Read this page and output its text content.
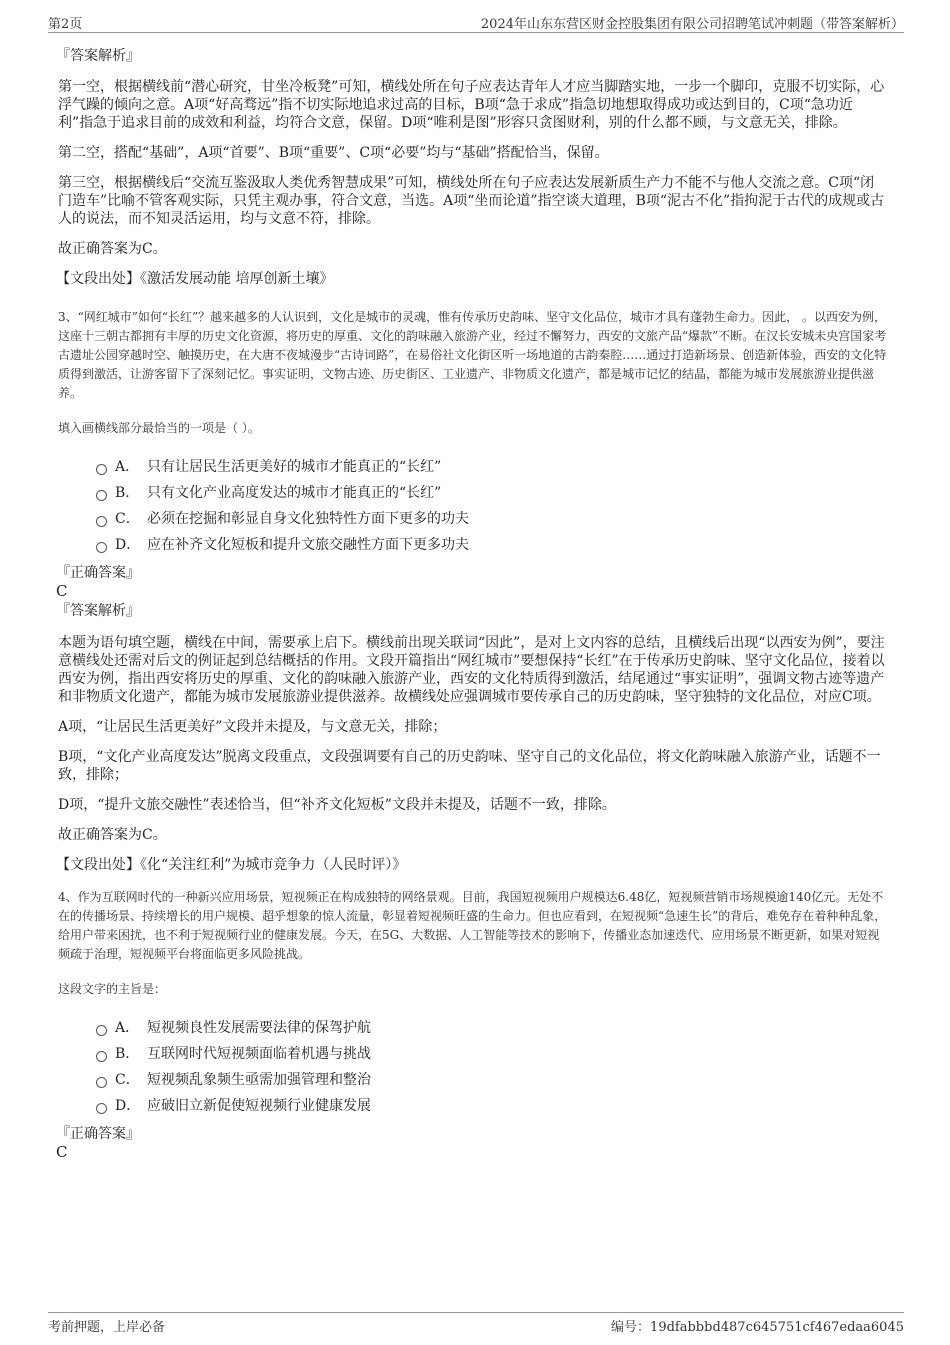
第2页	2024年山东东营区财金控股集团有限公司招聘笔试冲刺题（带答案解析）

『答案解析』

第一空，根据横线前“潜心研究，甘坐冷板凳”可知，横线处所在句子应表达青年人才应当脚踏实地，一步一个脚印，克服不切实际，心浮气躁的倾向之意。A项“好高骛远”指不切实际地追求过高的目标，B项“急于求成”指急切地想取得成功或达到目的，C项“急功近利”指急于追求目前的成效和利益，均符合文意，保留。D项“唯利是图”形容只贪图财利，别的什么都不顾，与文意无关，排除。

第二空，搭配“基础”，A项“首要”、B项“重要”、C项“必要”均与“基础”搭配恰当，保留。

第三空，根据横线后“交流互鉴汲取人类优秀智慧成果”可知，横线处所在句子应表达发展新质生产力不能不与他人交流之意。C项“闭门造车”比喻不管客观实际，只凭主观办事，符合文意，当选。A项“坐而论道”指空谈大道理，B项“泥古不化”指拘泥于古代的成规或古人的说法，而不知灵活运用，均与文意不符，排除。

故正确答案为C。

【文段出处】《激活发展动能 培厚创新土壤》

3、“网红城市”如何“长红”？越来越多的人认识到，文化是城市的灵魂，惟有传承历史韵味、坚守文化品位，城市才具有蓬勃生命力。因此， 。以西安为例，这座十三朝古都拥有丰厚的历史文化资源，将历史的厚重、文化的韵味融入旅游产业，经过不懈努力，西安的文旅产品“爆款”不断。在汉长安城未央宫国家考古遗址公园穿越时空、触摸历史，在大唐不夜城漫步“古诗词路”，在易俗社文化街区听一场地道的古韵秦腔……通过打造新场景、创造新体验，西安的文化特质得到激活，让游客留下了深刻记忆。事实证明，文物古迹、历史街区、工业遗产、非物质文化遗产，都是城市记忆的结晶，都能为城市发展旅游业提供滋养。

填入画横线部分最恰当的一项是（ ）。

A． 只有让居民生活更美好的城市才能真正的“长红”
B． 只有文化产业高度发达的城市才能真正的“长红”
C． 必须在挖掘和彰显自身文化独特性方面下更多的功夫
D． 应在补齐文化短板和提升文旅交融性方面下更多功夫

『正确答案』

C

『答案解析』

本题为语句填空题，横线在中间，需要承上启下。横线前出现关联词“因此”，是对上文内容的总结，且横线后出现“以西安为例”，要注意横线处还需对后文的例证起到总结概括的作用。文段开篇指出“网红城市”要想保持“长红”在于传承历史韵味、坚守文化品位，接着以西安为例，指出西安将历史的厚重、文化的韵味融入旅游产业，西安的文化特质得到激活，结尾通过“事实证明”，强调文物古迹等遗产和非物质文化遗产，都能为城市发展旅游业提供滋养。故横线处应强调城市要传承自己的历史韵味，坚守独特的文化品位，对应C项。

A项，“让居民生活更美好”文段并未提及，与文意无关，排除；

B项，“文化产业高度发达”脱离文段重点，文段强调要有自己的历史韵味、坚守自己的文化品位，将文化韵味融入旅游产业，话题不一致，排除；

D项，“提升文旅交融性”表述恰当，但“补齐文化短板”文段并未提及，话题不一致，排除。

故正确答案为C。

【文段出处】《化“关注红利”为城市竞争力（人民时评）》

4、作为互联网时代的一种新兴应用场景，短视频正在构成独特的网络景观。目前，我国短视频用户规模达6.48亿，短视频营销市场规模逾140亿元。无处不在的传播场景、持续增长的用户规模、超乎想象的惊人流量，彰显着短视频旺盛的生命力。但也应看到，在短视频“急速生长”的背后，难免存在着种种乱象，给用户带来困扰，也不利于短视频行业的健康发展。今天，在5G、大数据、人工智能等技术的影响下，传播业态加速迭代、应用场景不断更新，如果对短视频疏于治理，短视频平台将面临更多风险挑战。

这段文字的主旨是：

A． 短视频良性发展需要法律的保驾护航
B． 互联网时代短视频面临着机遇与挑战
C． 短视频乱象频生亟需加强管理和整治
D． 应破旧立新促使短视频行业健康发展

『正确答案』

C

考前押题，上岸必备	编号：19dfabbbd487c645751cf467edaa6045
